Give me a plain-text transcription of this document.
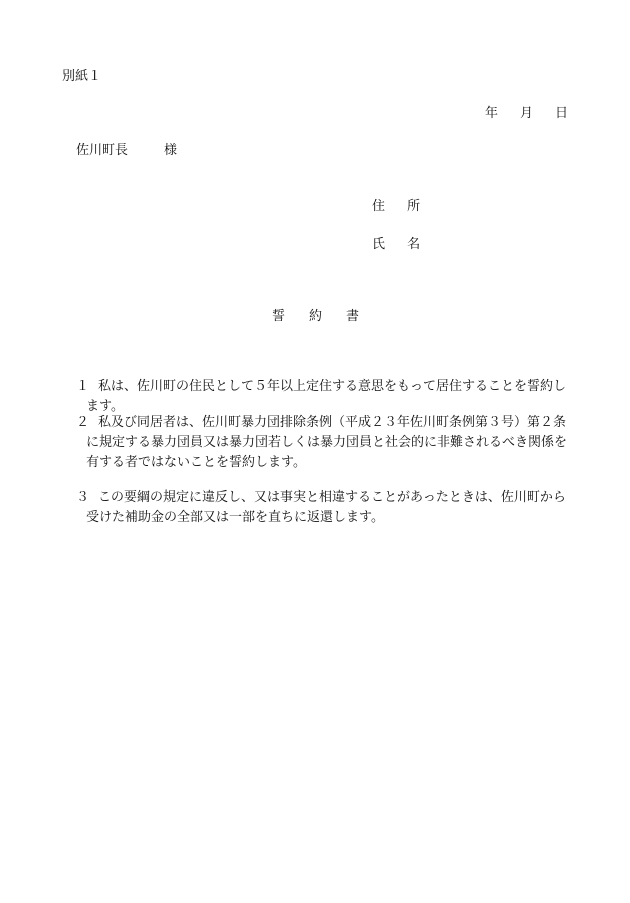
別紙１
年 月 日
佐川町長	様
住 所
氏 名
誓約書
１ 私は、佐川町の住民として５年以上定住する意思をもって居住することを誓約します。
２ 私及び同居者は、佐川町暴力団排除条例（平成２３年佐川町条例第３号）第２条に規定する暴力団員又は暴力団若しくは暴力団員と社会的に非難されるべき関係を有する者ではないことを誓約します。
３ この要綱の規定に違反し、又は事実と相違することがあったときは、佐川町から受けた補助金の全部又は一部を直ちに返還します。
